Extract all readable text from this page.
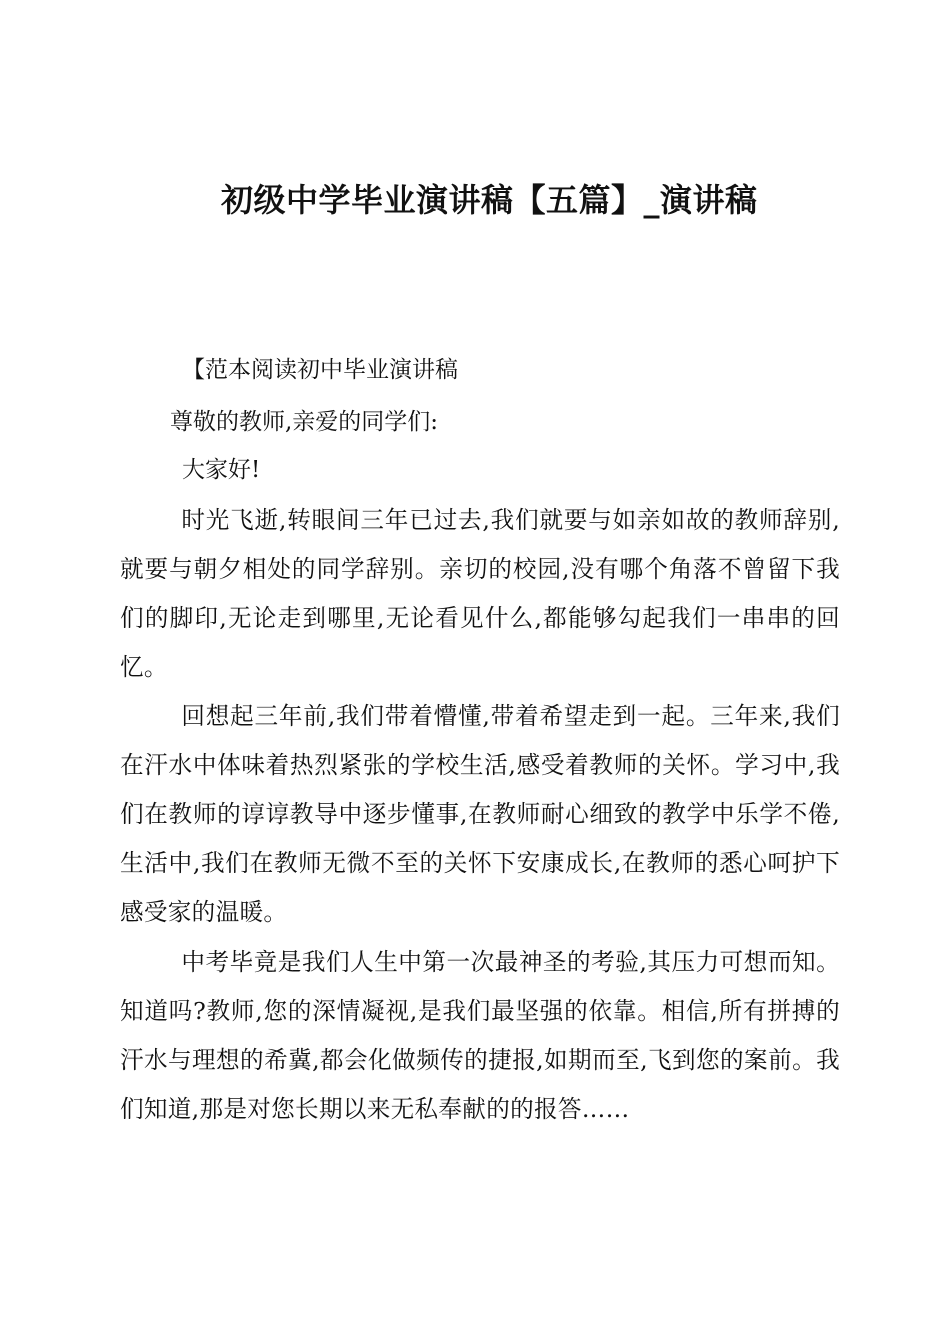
初级中学毕业演讲稿【五篇】_演讲稿

【范本阅读初中毕业演讲稿

尊敬的教师,亲爱的同学们:

大家好!

时光飞逝,转眼间三年已过去,我们就要与如亲如故的教师辞别,就要与朝夕相处的同学辞别。亲切的校园,没有哪个角落不曾留下我们的脚印,无论走到哪里,无论看见什么,都能够勾起我们一串串的回忆。

回想起三年前,我们带着懵懂,带着希望走到一起。三年来,我们在汗水中体味着热烈紧张的学校生活,感受着教师的关怀。学习中,我们在教师的谆谆教导中逐步懂事,在教师耐心细致的教学中乐学不倦,生活中,我们在教师无微不至的关怀下安康成长,在教师的悉心呵护下感受家的温暖。

中考毕竟是我们人生中第一次最神圣的考验,其压力可想而知。知道吗?教师,您的深情凝视,是我们最坚强的依靠。相信,所有拼搏的汗水与理想的希冀,都会化做频传的捷报,如期而至,飞到您的案前。我们知道,那是对您长期以来无私奉献的的报答……
